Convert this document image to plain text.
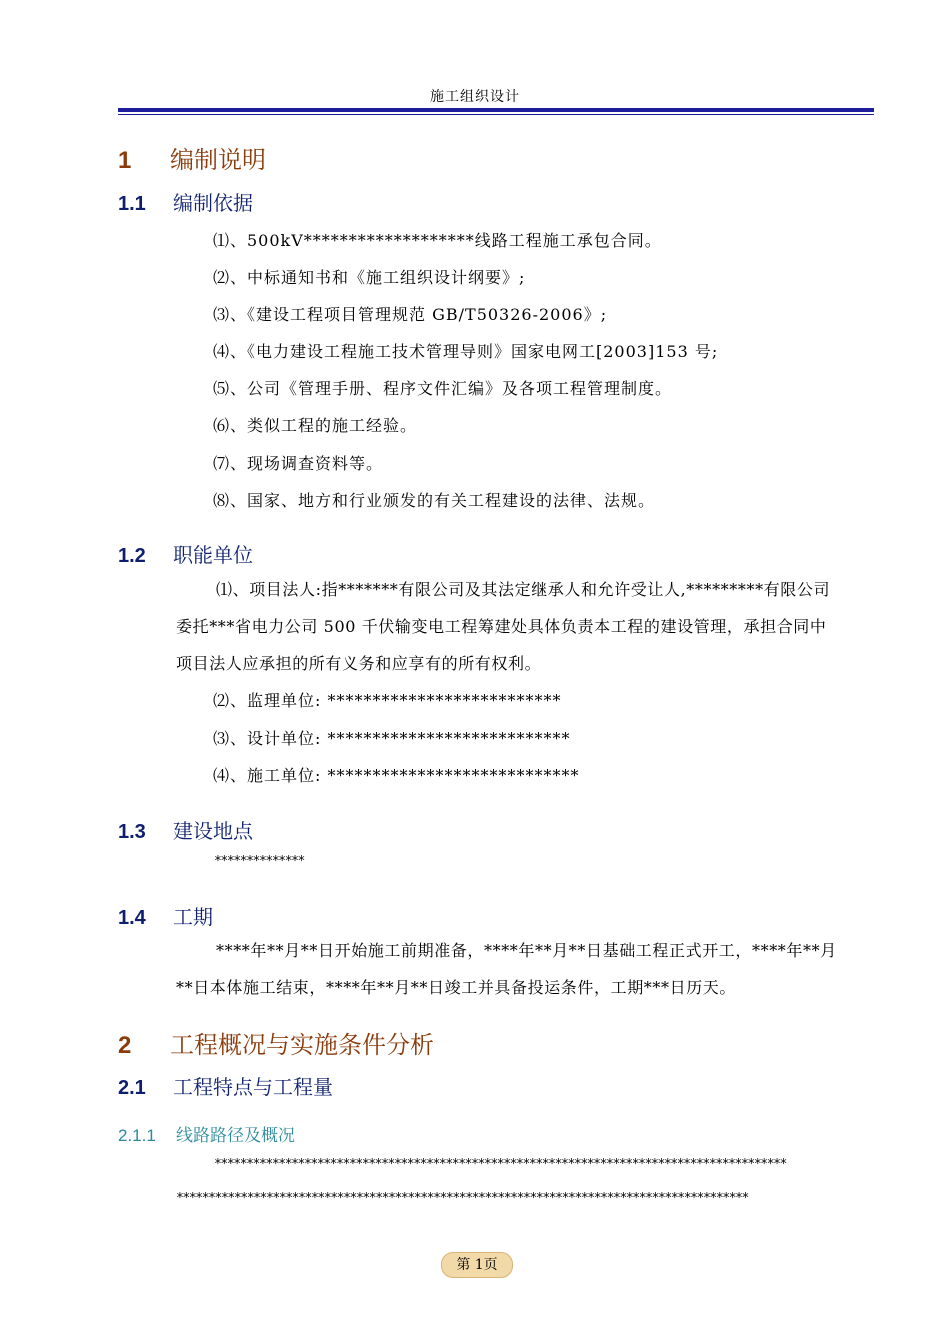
施工组织设计
1 编制说明
1.1 编制依据
⑴、500kV*******************线路工程施工承包合同。
⑵、中标通知书和《施工组织设计纲要》;
⑶、《建设工程项目管理规范 GB/T50326-2006》;
⑷、《电力建设工程施工技术管理导则》国家电网工[2003]153 号;
⑸、公司《管理手册、程序文件汇编》及各项工程管理制度。
⑹、类似工程的施工经验。
⑺、现场调查资料等。
⑻、国家、地方和行业颁发的有关工程建设的法律、法规。
1.2 职能单位
⑴、项目法人:指*******有限公司及其法定继承人和允许受让人,*********有限公司委托***省电力公司 500 千伏输变电工程筹建处具体负责本工程的建设管理，承担合同中项目法人应承担的所有义务和应享有的所有权利。
⑵、监理单位: **************************
⑶、设计单位: ***************************
⑷、施工单位: ****************************
1.3 建设地点
**************
1.4 工期
****年**月**日开始施工前期准备，****年**月**日基础工程正式开工，****年**月**日本体施工结束，****年**月**日竣工并具备投运条件，工期***日历天。
2 工程概况与实施条件分析
2.1 工程特点与工程量
2.1.1 线路路径及概况
*****************************************************************************************
*****************************************************************************************
第 1页
